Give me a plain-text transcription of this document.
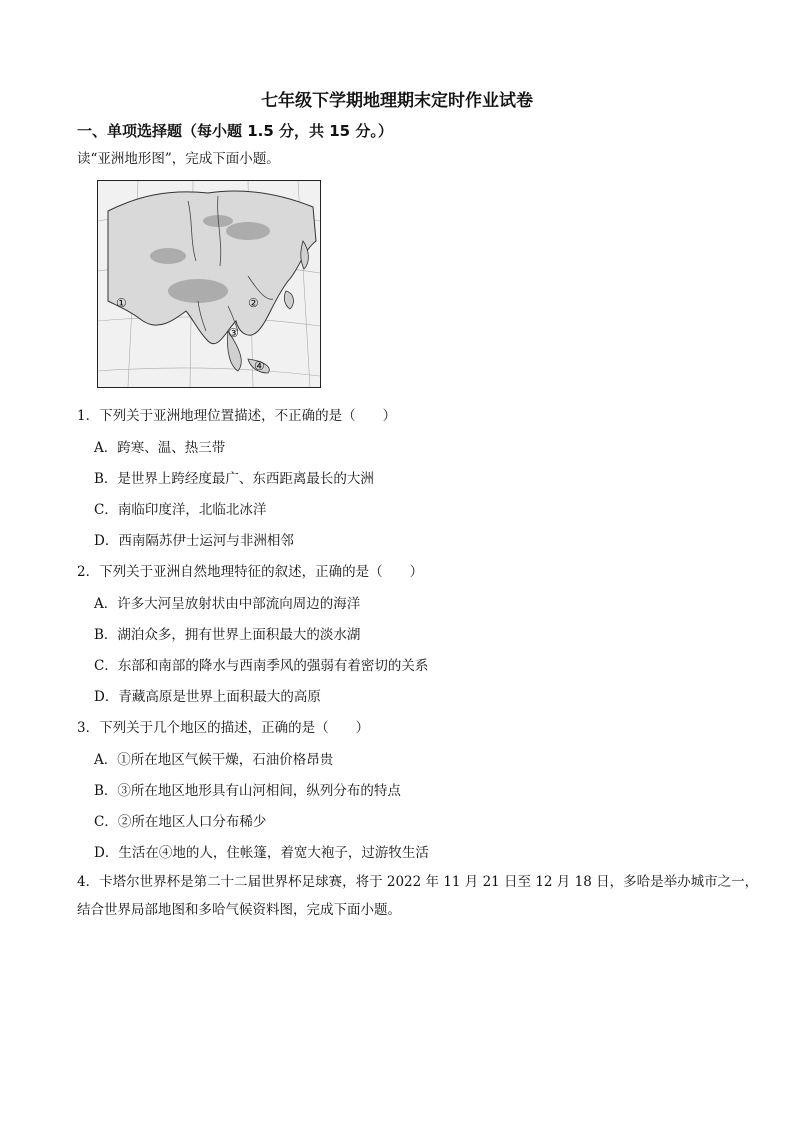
七年级下学期地理期末定时作业试卷
一、单项选择题（每小题 1.5 分，共 15 分。）
读“亚洲地形图”，完成下面小题。
①	②
③
④
1．下列关于亚洲地理位置描述，不正确的是（　　）
A．跨寒、温、热三带
B．是世界上跨经度最广、东西距离最长的大洲
C．南临印度洋，北临北冰洋
D．西南隔苏伊士运河与非洲相邻
2．下列关于亚洲自然地理特征的叙述，正确的是（　　）
A．许多大河呈放射状由中部流向周边的海洋
B．湖泊众多，拥有世界上面积最大的淡水湖
C．东部和南部的降水与西南季风的强弱有着密切的关系
D．青藏高原是世界上面积最大的高原
3．下列关于几个地区的描述，正确的是（　　）
A．①所在地区气候干燥，石油价格昂贵
B．③所在地区地形具有山河相间，纵列分布的特点
C．②所在地区人口分布稀少
D．生活在④地的人，住帐篷，着宽大袍子，过游牧生活
4．卡塔尔世界杯是第二十二届世界杯足球赛，将于 2022 年 11 月 21 日至 12 月 18 日，多哈是举办城市之一，结合世界局部地图和多哈气候资料图，完成下面小题。
